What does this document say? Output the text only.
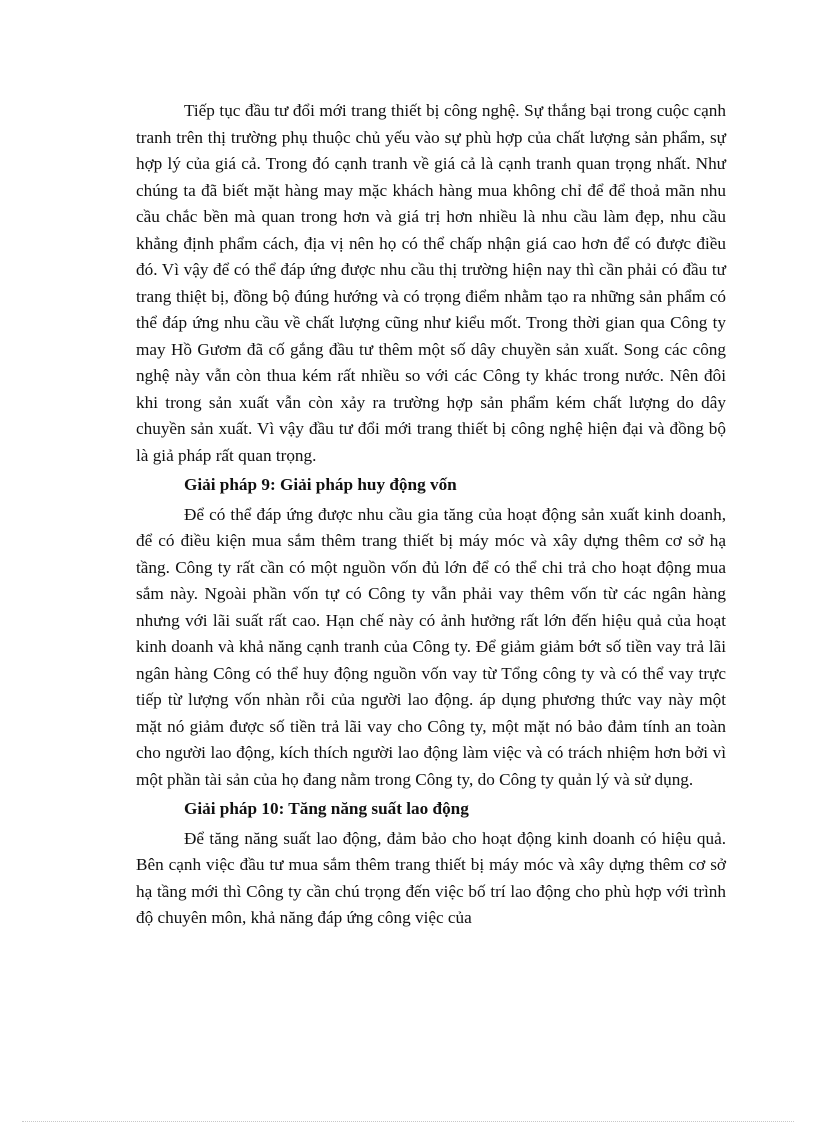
Tiếp tục đầu tư đổi mới trang thiết bị công nghệ. Sự thắng bại trong cuộc cạnh tranh trên thị trường phụ thuộc chủ yếu vào sự phù hợp của chất lượng sản phẩm, sự hợp lý của giá cả. Trong đó cạnh tranh về giá cả là cạnh tranh quan trọng nhất. Như chúng ta đã biết mặt hàng may mặc khách hàng mua không chỉ để để thoả mãn nhu cầu chắc bền mà quan trong hơn và giá trị hơn nhiều là nhu cầu làm đẹp, nhu cầu khẳng định phẩm cách, địa vị nên họ có thể chấp nhận giá cao hơn để có được điều đó. Vì vậy để có thể đáp ứng được nhu cầu thị trường hiện nay thì cần phải có đầu tư trang thiệt bị, đồng bộ đúng hướng và có trọng điểm nhằm tạo ra những sản phẩm có thể đáp ứng nhu cầu về chất lượng cũng như kiểu mốt. Trong thời gian qua Công ty may Hồ Gươm đã cố gắng đầu tư thêm một số dây chuyền sản xuất. Song các công nghệ này vẫn còn thua kém rất nhiều so với các Công ty khác trong nước. Nên đôi khi trong sản xuất vẫn còn xảy ra trường hợp sản phẩm kém chất lượng do dây chuyền sản xuất. Vì vậy đầu tư đổi mới trang thiết bị công nghệ hiện đại và đồng bộ là giả pháp rất quan trọng.

Giải pháp 9: Giải pháp huy động vốn

Để có thể đáp ứng được nhu cầu gia tăng của hoạt động sản xuất kinh doanh, để có điều kiện mua sắm thêm trang thiết bị máy móc và xây dựng thêm cơ sở hạ tầng. Công ty rất cần có một nguồn vốn đủ lớn để có thể chi trả cho hoạt động mua sắm này. Ngoài phần vốn tự có Công ty vẫn phải vay thêm vốn từ các ngân hàng nhưng với lãi suất rất cao. Hạn chế này có ảnh hưởng rất lớn đến hiệu quả của hoạt kinh doanh và khả năng cạnh tranh của Công ty. Để giảm giảm bớt số tiền vay trả lãi ngân hàng Công có thể huy động nguồn vốn vay từ Tổng công ty và có thể vay trực tiếp từ lượng vốn nhàn rỗi của người lao động. áp dụng phương thức vay này một mặt nó giảm được số tiền trả lãi vay cho Công ty, một mặt nó bảo đảm tính an toàn cho người lao động, kích thích người lao động làm việc và có trách nhiệm hơn bởi vì một phần tài sản của họ đang nằm trong Công ty, do Công ty quản lý và sử dụng.

Giải pháp 10: Tăng năng suất lao động

Để tăng năng suất lao động, đảm bảo cho hoạt động kinh doanh có hiệu quả. Bên cạnh việc đầu tư mua sắm thêm trang thiết bị máy móc và xây dựng thêm cơ sở hạ tầng mới thì Công ty cần chú trọng đến việc bố trí lao động cho phù hợp với trình độ chuyên môn, khả năng đáp ứng công việc của
